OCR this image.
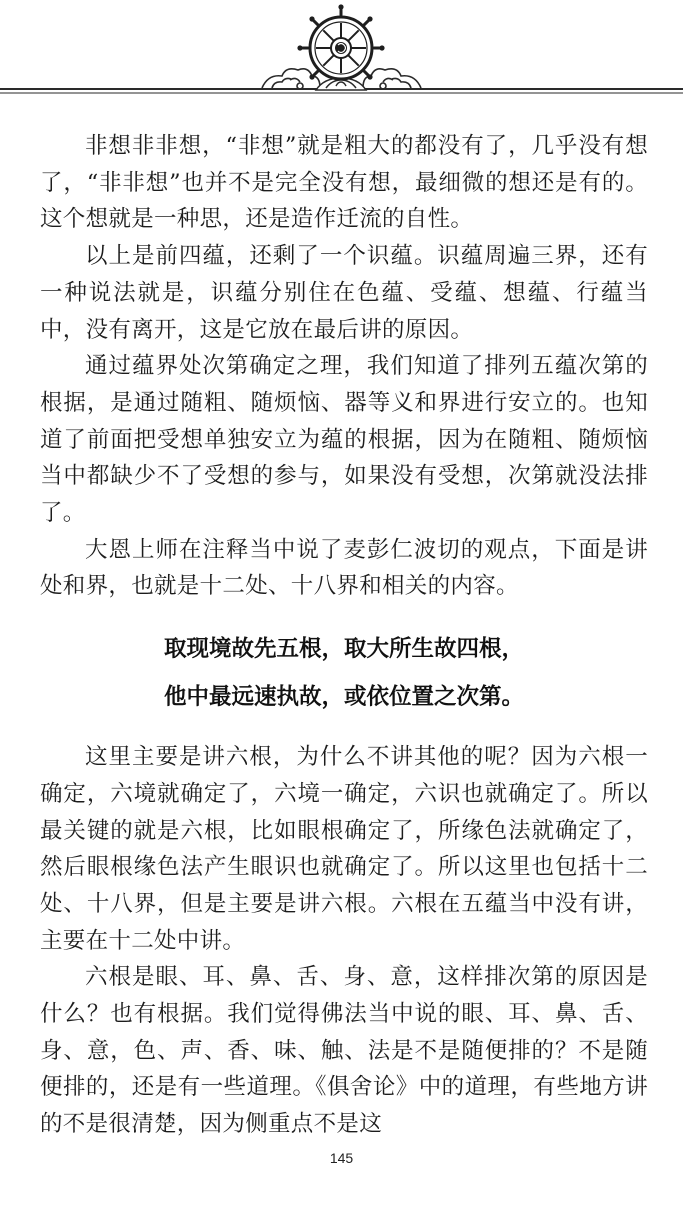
非想非非想，“非想”就是粗大的都没有了，几乎没有想了，“非非想”也并不是完全没有想，最细微的想还是有的。这个想就是一种思，还是造作迁流的自性。

以上是前四蕴，还剩了一个识蕴。识蕴周遍三界，还有一种说法就是，识蕴分别住在色蕴、受蕴、想蕴、行蕴当中，没有离开，这是它放在最后讲的原因。

通过蕴界处次第确定之理，我们知道了排列五蕴次第的根据，是通过随粗、随烦恼、器等义和界进行安立的。也知道了前面把受想单独安立为蕴的根据，因为在随粗、随烦恼当中都缺少不了受想的参与，如果没有受想，次第就没法排了。

大恩上师在注释当中说了麦彭仁波切的观点，下面是讲处和界，也就是十二处、十八界和相关的内容。

取现境故先五根，取大所生故四根，
他中最远速执故，或依位置之次第。

这里主要是讲六根，为什么不讲其他的呢？因为六根一确定，六境就确定了，六境一确定，六识也就确定了。所以最关键的就是六根，比如眼根确定了，所缘色法就确定了，然后眼根缘色法产生眼识也就确定了。所以这里也包括十二处、十八界，但是主要是讲六根。六根在五蕴当中没有讲，主要在十二处中讲。

六根是眼、耳、鼻、舌、身、意，这样排次第的原因是什么？也有根据。我们觉得佛法当中说的眼、耳、鼻、舌、身、意，色、声、香、味、触、法是不是随便排的？不是随便排的，还是有一些道理。《俱舍论》中的道理，有些地方讲的不是很清楚，因为侧重点不是这

145
